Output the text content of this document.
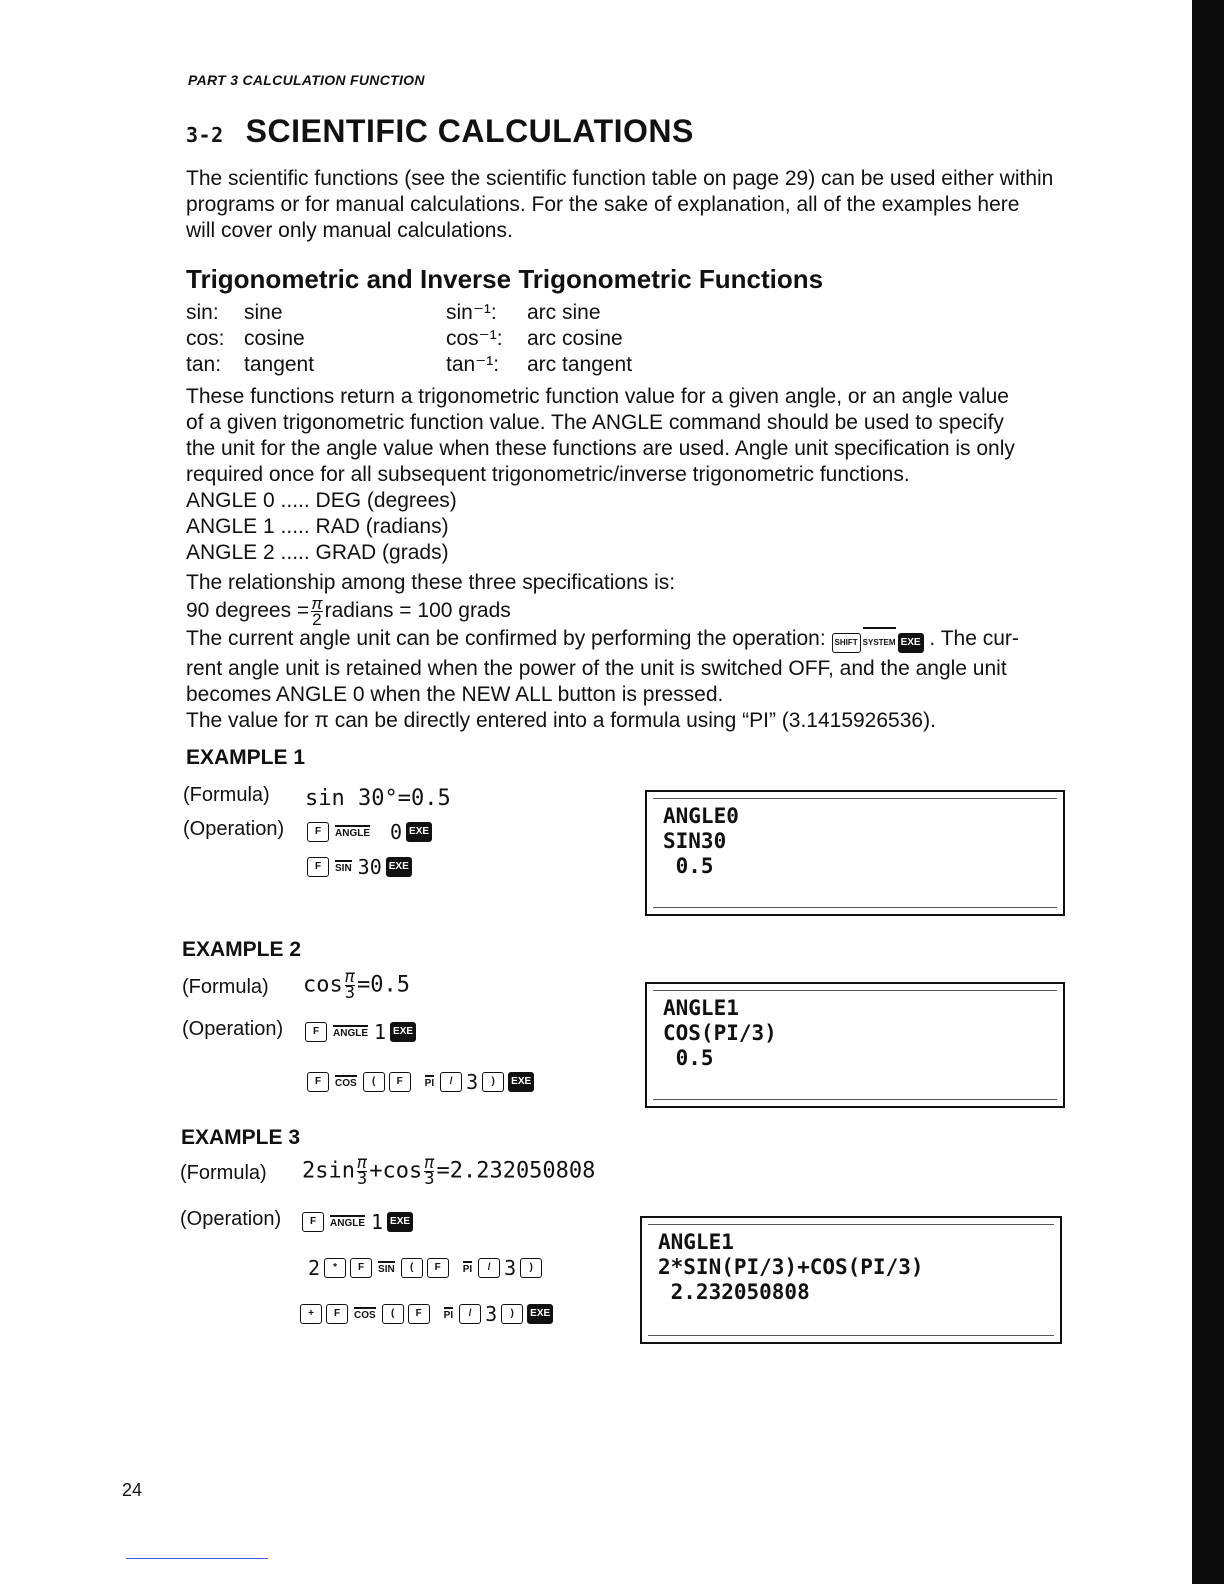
PART 3 CALCULATION FUNCTION
3-2 SCIENTIFIC CALCULATIONS
The scientific functions (see the scientific function table on page 29) can be used either within
programs or for manual calculations. For the sake of explanation, all of the examples here
will cover only manual calculations.
Trigonometric and Inverse Trigonometric Functions
sin: sine	sin⁻¹: arc sine
cos: cosine	cos⁻¹: arc cosine
tan: tangent	tan⁻¹: arc tangent
These functions return a trigonometric function value for a given angle, or an angle value
of a given trigonometric function value. The ANGLE command should be used to specify
the unit for the angle value when these functions are used. Angle unit specification is only
required once for all subsequent trigonometric/inverse trigonometric functions.
ANGLE 0 ..... DEG (degrees)
ANGLE 1 ..... RAD (radians)
ANGLE 2 ..... GRAD (grads)
The relationship among these three specifications is:
90 degrees = $\frac{\pi}{2}$ radians = 100 grads
The current angle unit can be confirmed by performing the operation: SHIFT SYSTEM EXE . The cur-
rent angle unit is retained when the power of the unit is switched OFF, and the angle unit
becomes ANGLE 0 when the NEW ALL button is pressed.
The value for π can be directly entered into a formula using “PI” (3.1415926536).
EXAMPLE 1
(Formula) sin 30°=0.5
(Operation)	F	ANGLE 0 EXE
F	SIN 30 EXE
ANGLE0
SIN30
0.5
EXAMPLE 2
(Formula) $\cos \frac{\pi}{3} =0.5$
(Operation)	F	ANGLE 1 EXE
F	COS	(	F	PI	/ 3	)	EXE
ANGLE1
COS(PI/3)
0.5
EXAMPLE 3
(Formula) $2\sin \frac{\pi}{3} +\cos \frac{\pi}{3} =2.232050808$
(Operation)	F	ANGLE 1 EXE
2	*	F	SIN	(	F	PI	/ 3	)
+	F	COS	(	F	PI	/ 3	)	EXE
ANGLE1
2*SIN(PI/3)+COS(PI/3)
2.232050808
24
